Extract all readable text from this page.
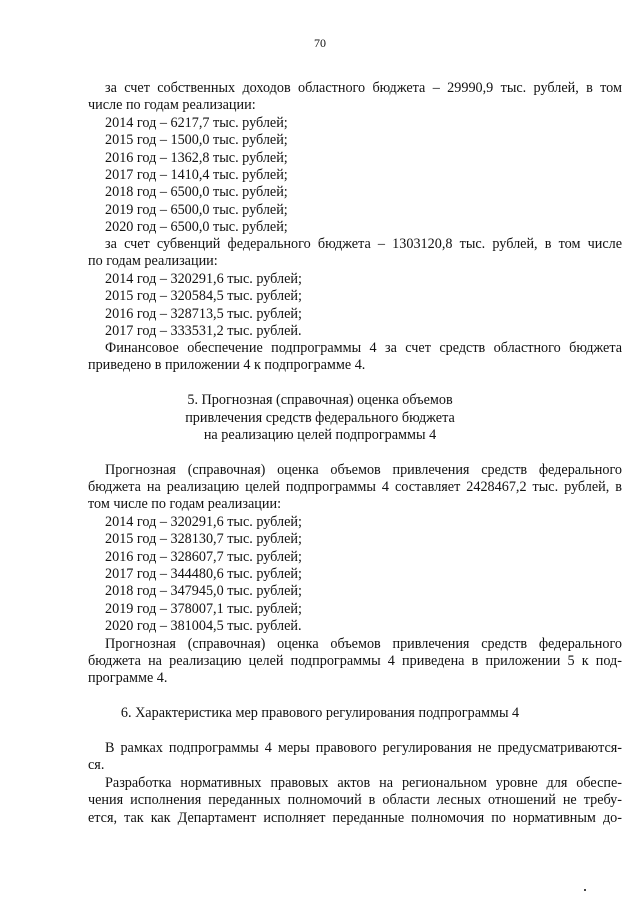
70
за счет собственных доходов областного бюджета – 29990,9 тыс. рублей, в том
числе по годам реализации:
2014 год – 6217,7 тыс. рублей;
2015 год – 1500,0 тыс. рублей;
2016 год – 1362,8 тыс. рублей;
2017 год – 1410,4 тыс. рублей;
2018 год – 6500,0 тыс. рублей;
2019 год – 6500,0 тыс. рублей;
2020 год – 6500,0 тыс. рублей;
за счет субвенций федерального бюджета – 1303120,8 тыс. рублей, в том числе
по годам реализации:
2014 год – 320291,6 тыс. рублей;
2015 год – 320584,5 тыс. рублей;
2016 год – 328713,5 тыс. рублей;
2017 год – 333531,2 тыс. рублей.
Финансовое обеспечение подпрограммы 4 за счет средств областного бюджета
приведено в приложении 4 к подпрограмме 4.
5. Прогнозная (справочная) оценка объемов
привлечения средств федерального бюджета
на реализацию целей подпрограммы 4
Прогнозная (справочная) оценка объемов привлечения средств федерального
бюджета на реализацию целей подпрограммы 4 составляет 2428467,2 тыс. рублей, в
том числе по годам реализации:
2014 год – 320291,6 тыс. рублей;
2015 год – 328130,7 тыс. рублей;
2016 год – 328607,7 тыс. рублей;
2017 год – 344480,6 тыс. рублей;
2018 год – 347945,0 тыс. рублей;
2019 год – 378007,1 тыс. рублей;
2020 год – 381004,5 тыс. рублей.
Прогнозная (справочная) оценка объемов привлечения средств федерального
бюджета на реализацию целей подпрограммы 4 приведена в приложении 5 к под-
программе 4.
6. Характеристика мер правового регулирования подпрограммы 4
В рамках подпрограммы 4 меры правового регулирования не предусматриваются-
ся.
Разработка нормативных правовых актов на региональном уровне для обеспе-
чения исполнения переданных полномочий в области лесных отношений не требу-
ется, так как Департамент исполняет переданные полномочия по нормативным до-
